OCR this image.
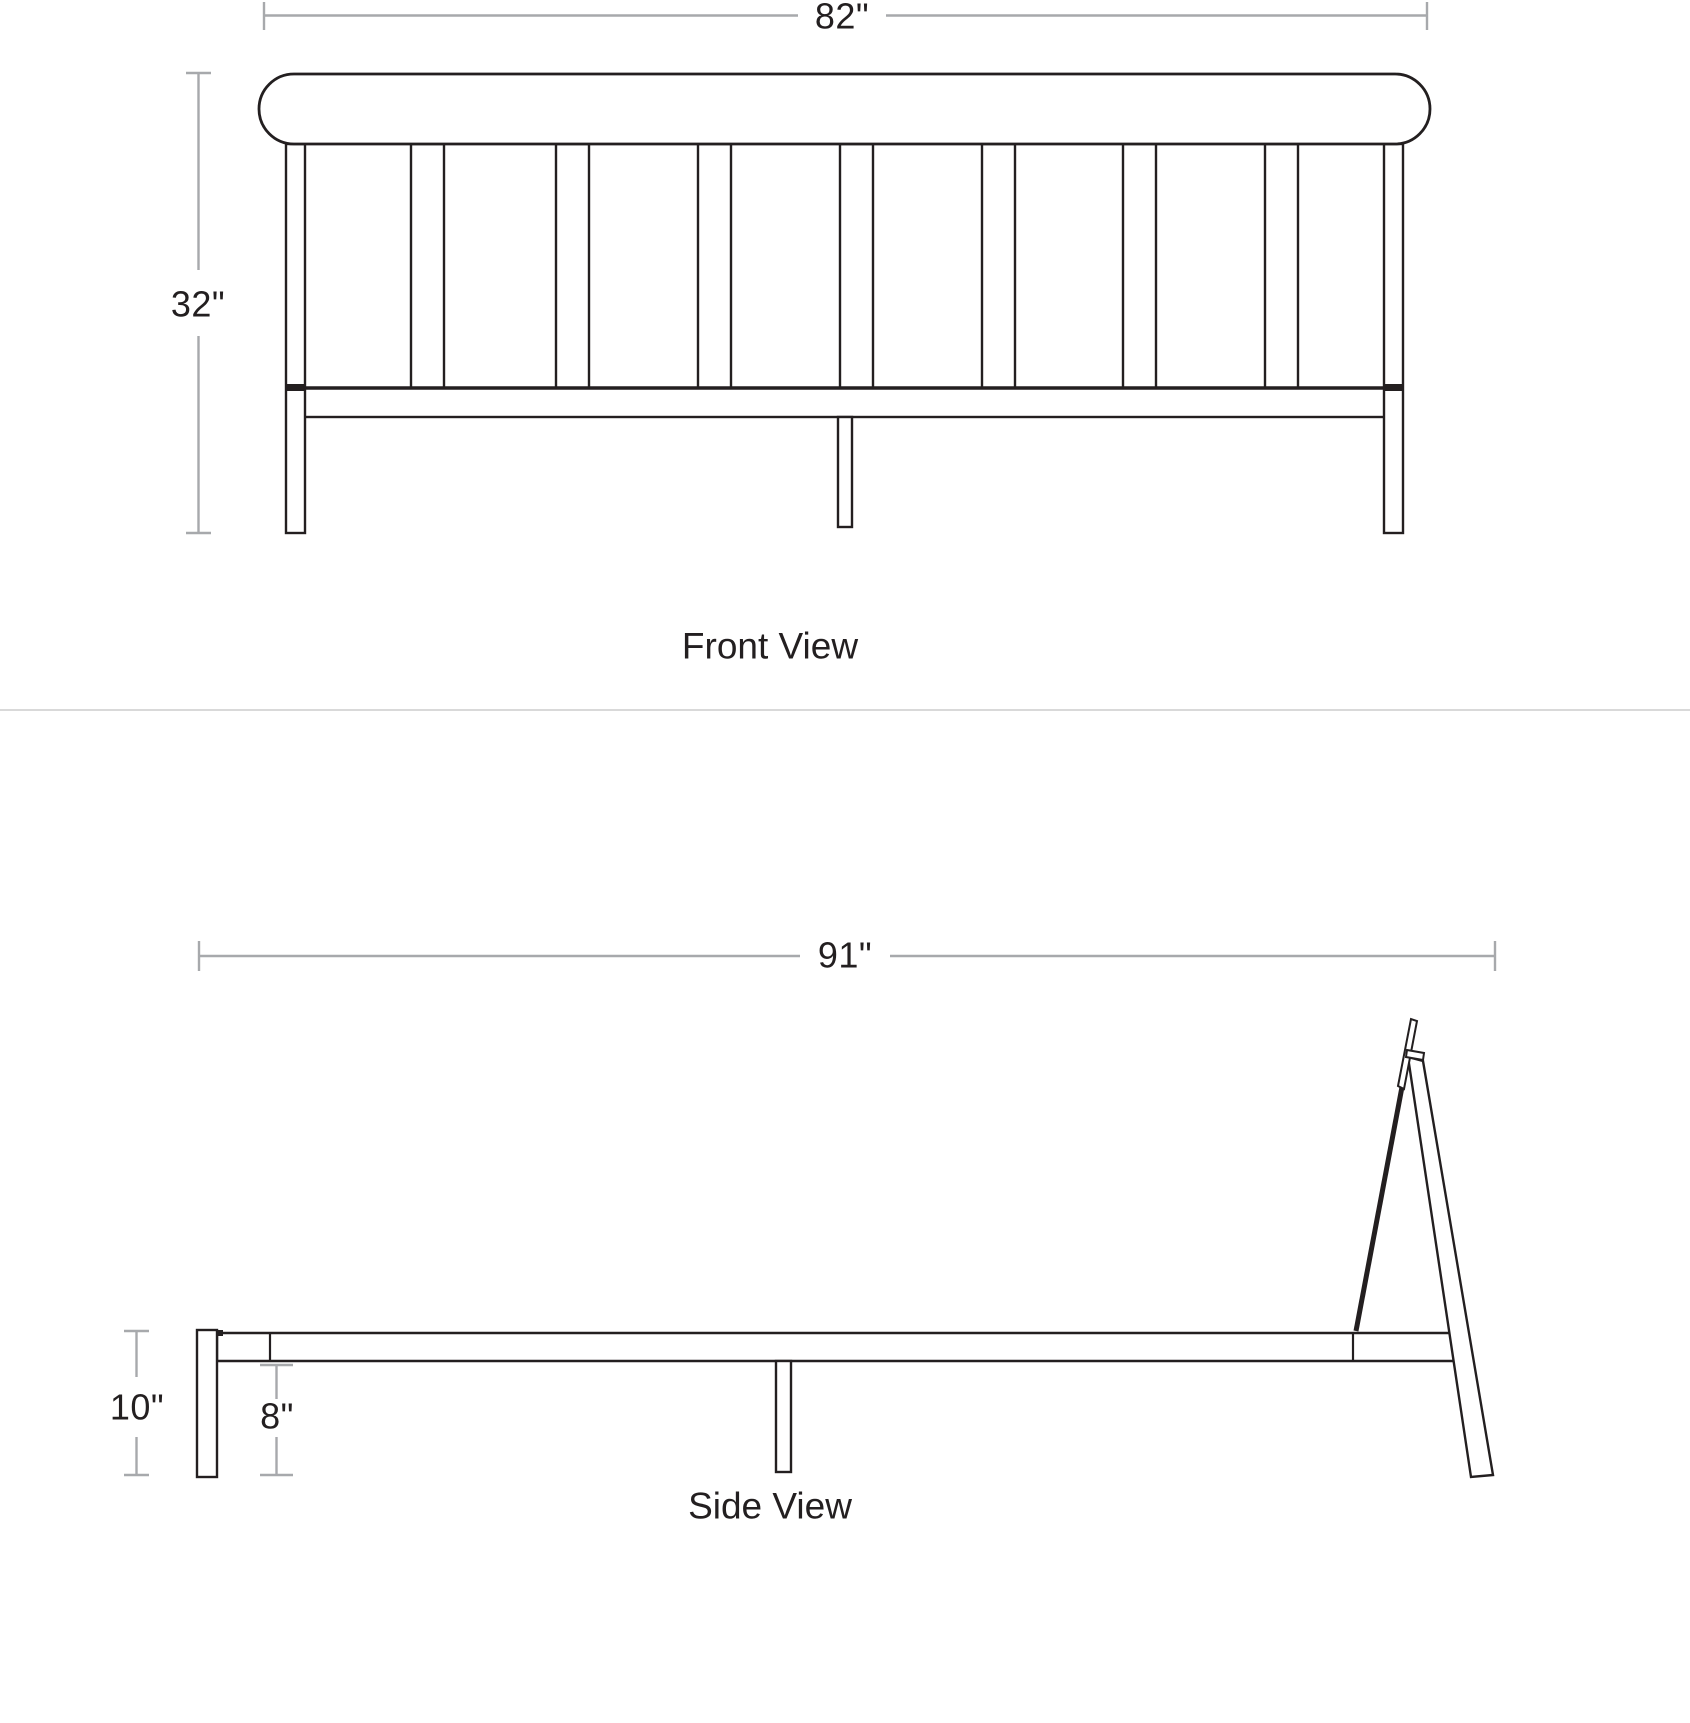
82"
32"
Front View
91"
10"	8"
Side View
